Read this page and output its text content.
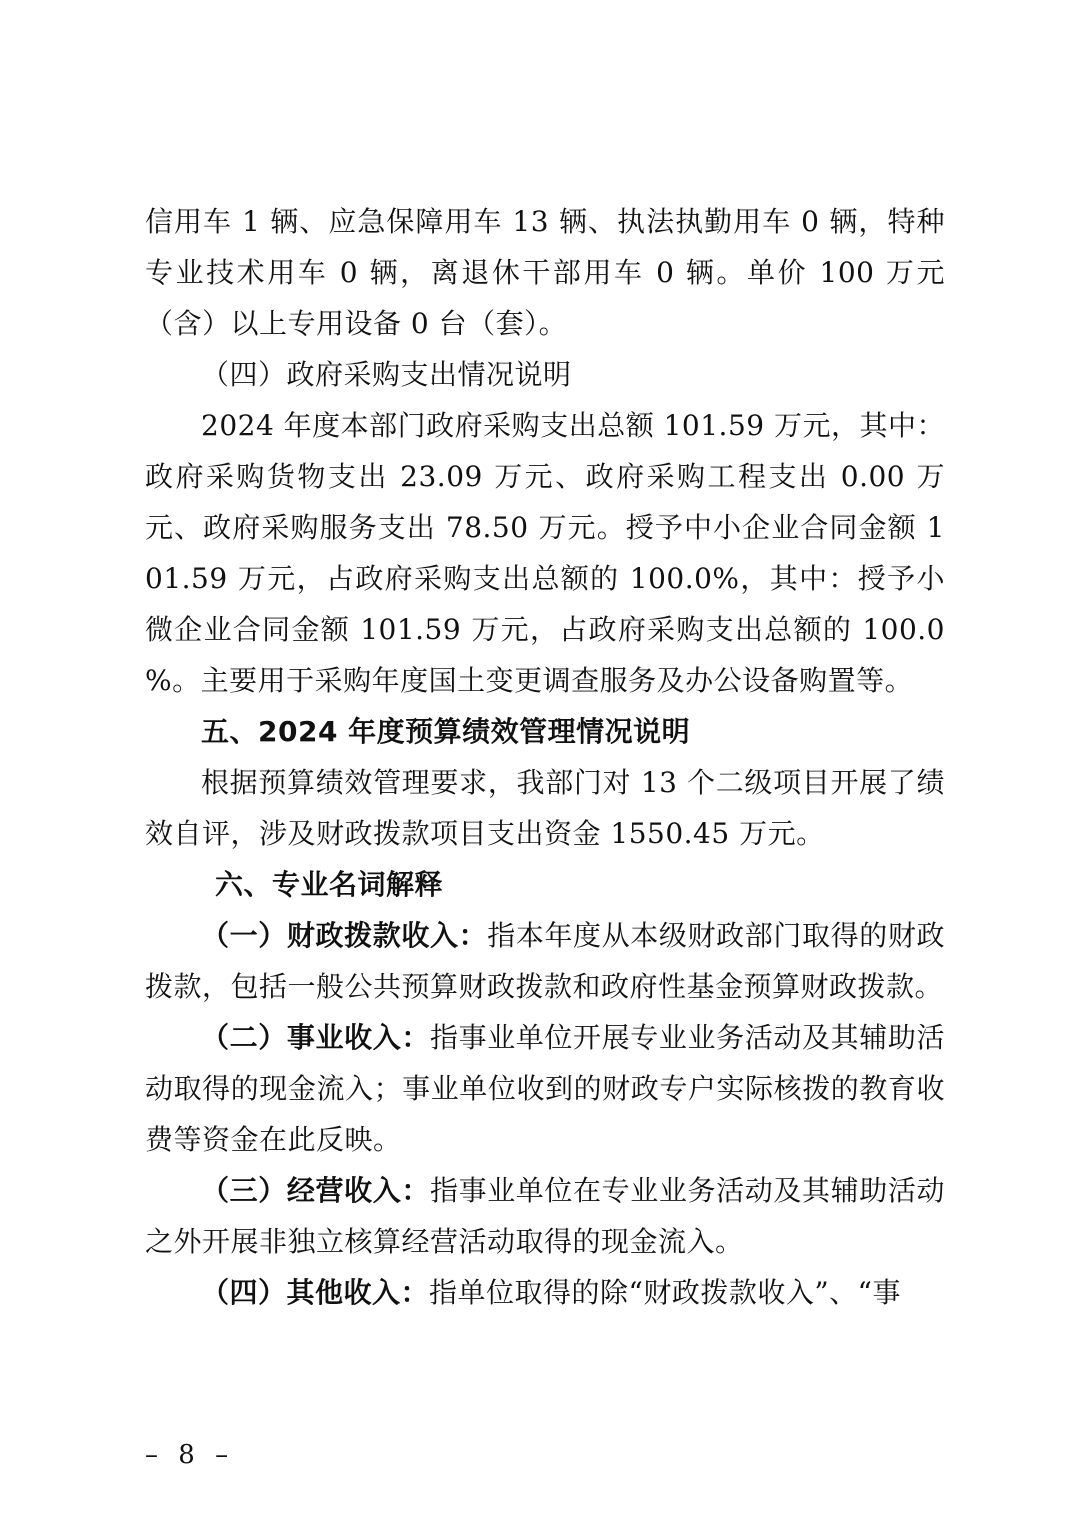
信用车 1 辆、应急保障用车 13 辆、执法执勤用车 0 辆，特种专业技术用车 0 辆，离退休干部用车 0 辆。单价 100 万元（含）以上专用设备 0 台（套）。

（四）政府采购支出情况说明

2024 年度本部门政府采购支出总额 101.59 万元，其中：政府采购货物支出 23.09 万元、政府采购工程支出 0.00 万元、政府采购服务支出 78.50 万元。授予中小企业合同金额 101.59 万元，占政府采购支出总额的 100.0%，其中：授予小微企业合同金额 101.59 万元，占政府采购支出总额的 100.0 %。主要用于采购年度国土变更调查服务及办公设备购置等。

五、2024 年度预算绩效管理情况说明

根据预算绩效管理要求，我部门对 13 个二级项目开展了绩效自评，涉及财政拨款项目支出资金 1550.45 万元。

六、专业名词解释

（一）财政拨款收入：指本年度从本级财政部门取得的财政拨款，包括一般公共预算财政拨款和政府性基金预算财政拨款。

（二）事业收入：指事业单位开展专业业务活动及其辅助活动取得的现金流入；事业单位收到的财政专户实际核拨的教育收费等资金在此反映。

（三）经营收入：指事业单位在专业业务活动及其辅助活动之外开展非独立核算经营活动取得的现金流入。

（四）其他收入：指单位取得的除“财政拨款收入”、“事

– 8 –
